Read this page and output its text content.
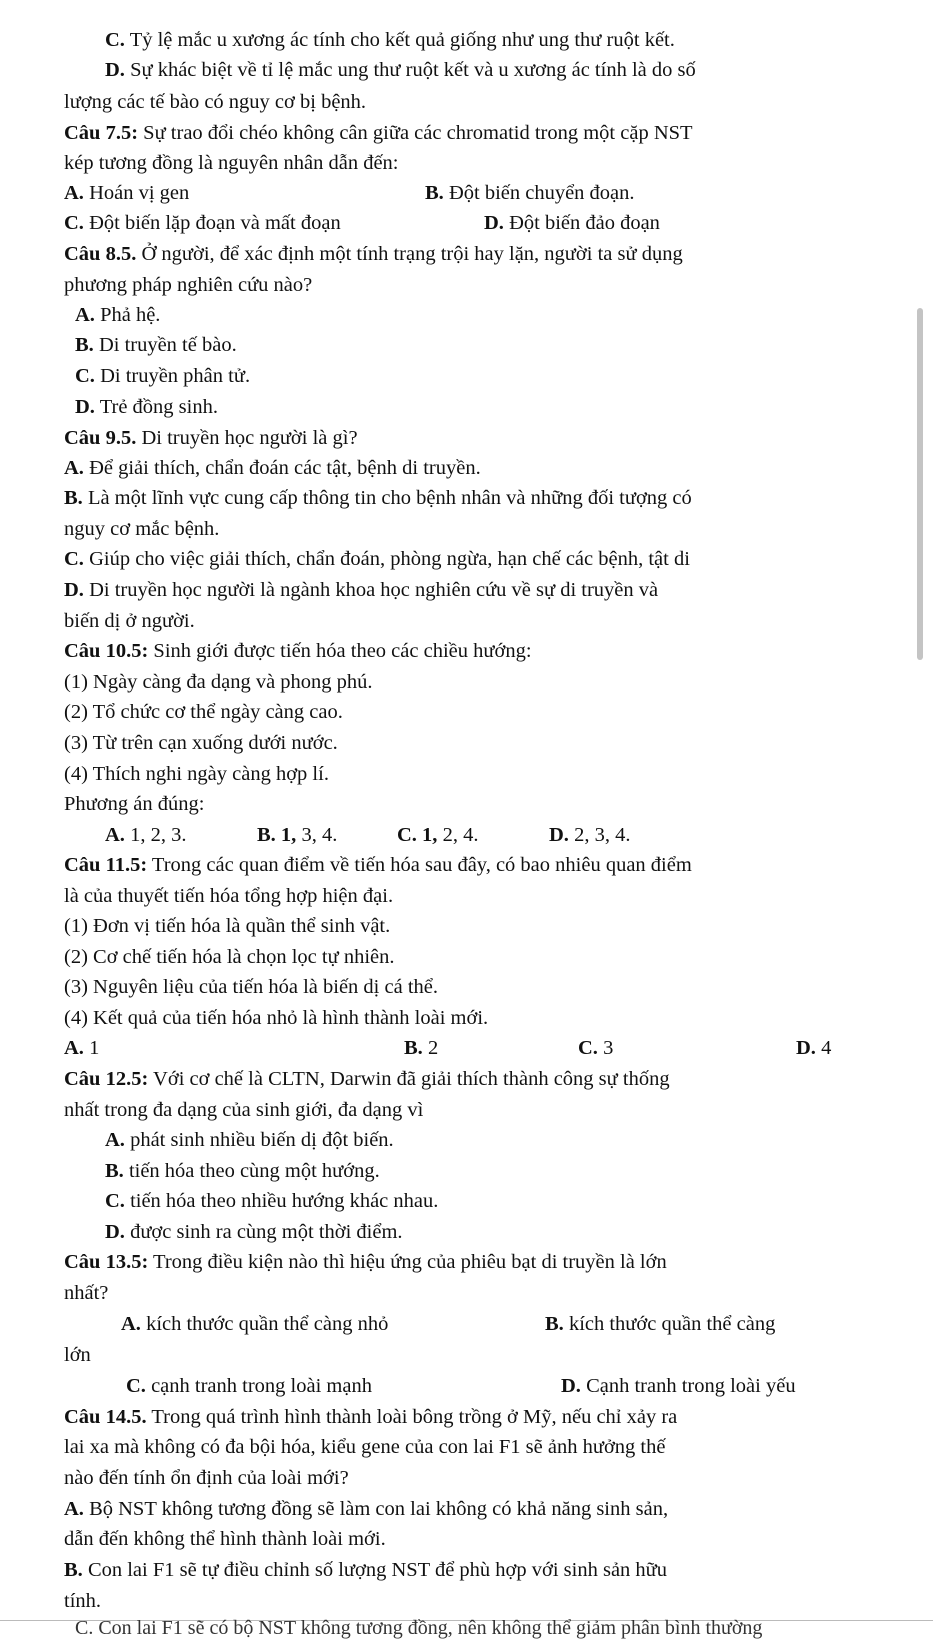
C. Tỷ lệ mắc u xương ác tính cho kết quả giống như ung thư ruột kết.
D. Sự khác biệt về tỉ lệ mắc ung thư ruột kết và u xương ác tính là do số
lượng các tế bào có nguy cơ bị bệnh.
Câu 7.5: Sự trao đổi chéo không cân giữa các chromatid trong một cặp NST
kép tương đồng là nguyên nhân dẫn đến:
A. Hoán vị gen	B. Đột biến chuyển đoạn.
C. Đột biến lặp đoạn và mất đoạn	D. Đột biến đảo đoạn
Câu 8.5. Ở người, để xác định một tính trạng trội hay lặn, người ta sử dụng
phương pháp nghiên cứu nào?
A. Phả hệ.
B. Di truyền tế bào.
C. Di truyền phân tử.
D. Trẻ đồng sinh.
Câu 9.5. Di truyền học người là gì?
A. Để giải thích, chẩn đoán các tật, bệnh di truyền.
B. Là một lĩnh vực cung cấp thông tin cho bệnh nhân và những đối tượng có
nguy cơ mắc bệnh.
C. Giúp cho việc giải thích, chẩn đoán, phòng ngừa, hạn chế các bệnh, tật di
D. Di truyền học người là ngành khoa học nghiên cứu về sự di truyền và
biến dị ở người.
Câu 10.5: Sinh giới được tiến hóa theo các chiều hướng:
(1) Ngày càng đa dạng và phong phú.
(2) Tổ chức cơ thể ngày càng cao.
(3) Từ trên cạn xuống dưới nước.
(4) Thích nghi ngày càng hợp lí.
Phương án đúng:
A. 1, 2, 3.	B. 1, 3, 4.	C. 1, 2, 4.	D. 2, 3, 4.
Câu 11.5: Trong các quan điểm về tiến hóa sau đây, có bao nhiêu quan điểm
là của thuyết tiến hóa tổng hợp hiện đại.
(1) Đơn vị tiến hóa là quần thể sinh vật.
(2) Cơ chế tiến hóa là chọn lọc tự nhiên.
(3) Nguyên liệu của tiến hóa là biến dị cá thể.
(4) Kết quả của tiến hóa nhỏ là hình thành loài mới.
A. 1	B. 2	C. 3	D. 4
Câu 12.5: Với cơ chế là CLTN, Darwin đã giải thích thành công sự thống
nhất trong đa dạng của sinh giới, đa dạng vì
A. phát sinh nhiều biến dị đột biến.
B. tiến hóa theo cùng một hướng.
C. tiến hóa theo nhiều hướng khác nhau.
D. được sinh ra cùng một thời điểm.
Câu 13.5: Trong điều kiện nào thì hiệu ứng của phiêu bạt di truyền là lớn
nhất?
A. kích thước quần thể càng nhỏ	B. kích thước quần thể càng
lớn
C. cạnh tranh trong loài mạnh	D. Cạnh tranh trong loài yếu
Câu 14.5. Trong quá trình hình thành loài bông trồng ở Mỹ, nếu chỉ xảy ra
lai xa mà không có đa bội hóa, kiểu gene của con lai F1 sẽ ảnh hưởng thế
nào đến tính ổn định của loài mới?
A. Bộ NST không tương đồng sẽ làm con lai không có khả năng sinh sản,
dẫn đến không thể hình thành loài mới.
B. Con lai F1 sẽ tự điều chỉnh số lượng NST để phù hợp với sinh sản hữu
tính.
C. Con lai F1 sẽ có bộ NST không tương đồng, nên không thể giảm phân bình thường
